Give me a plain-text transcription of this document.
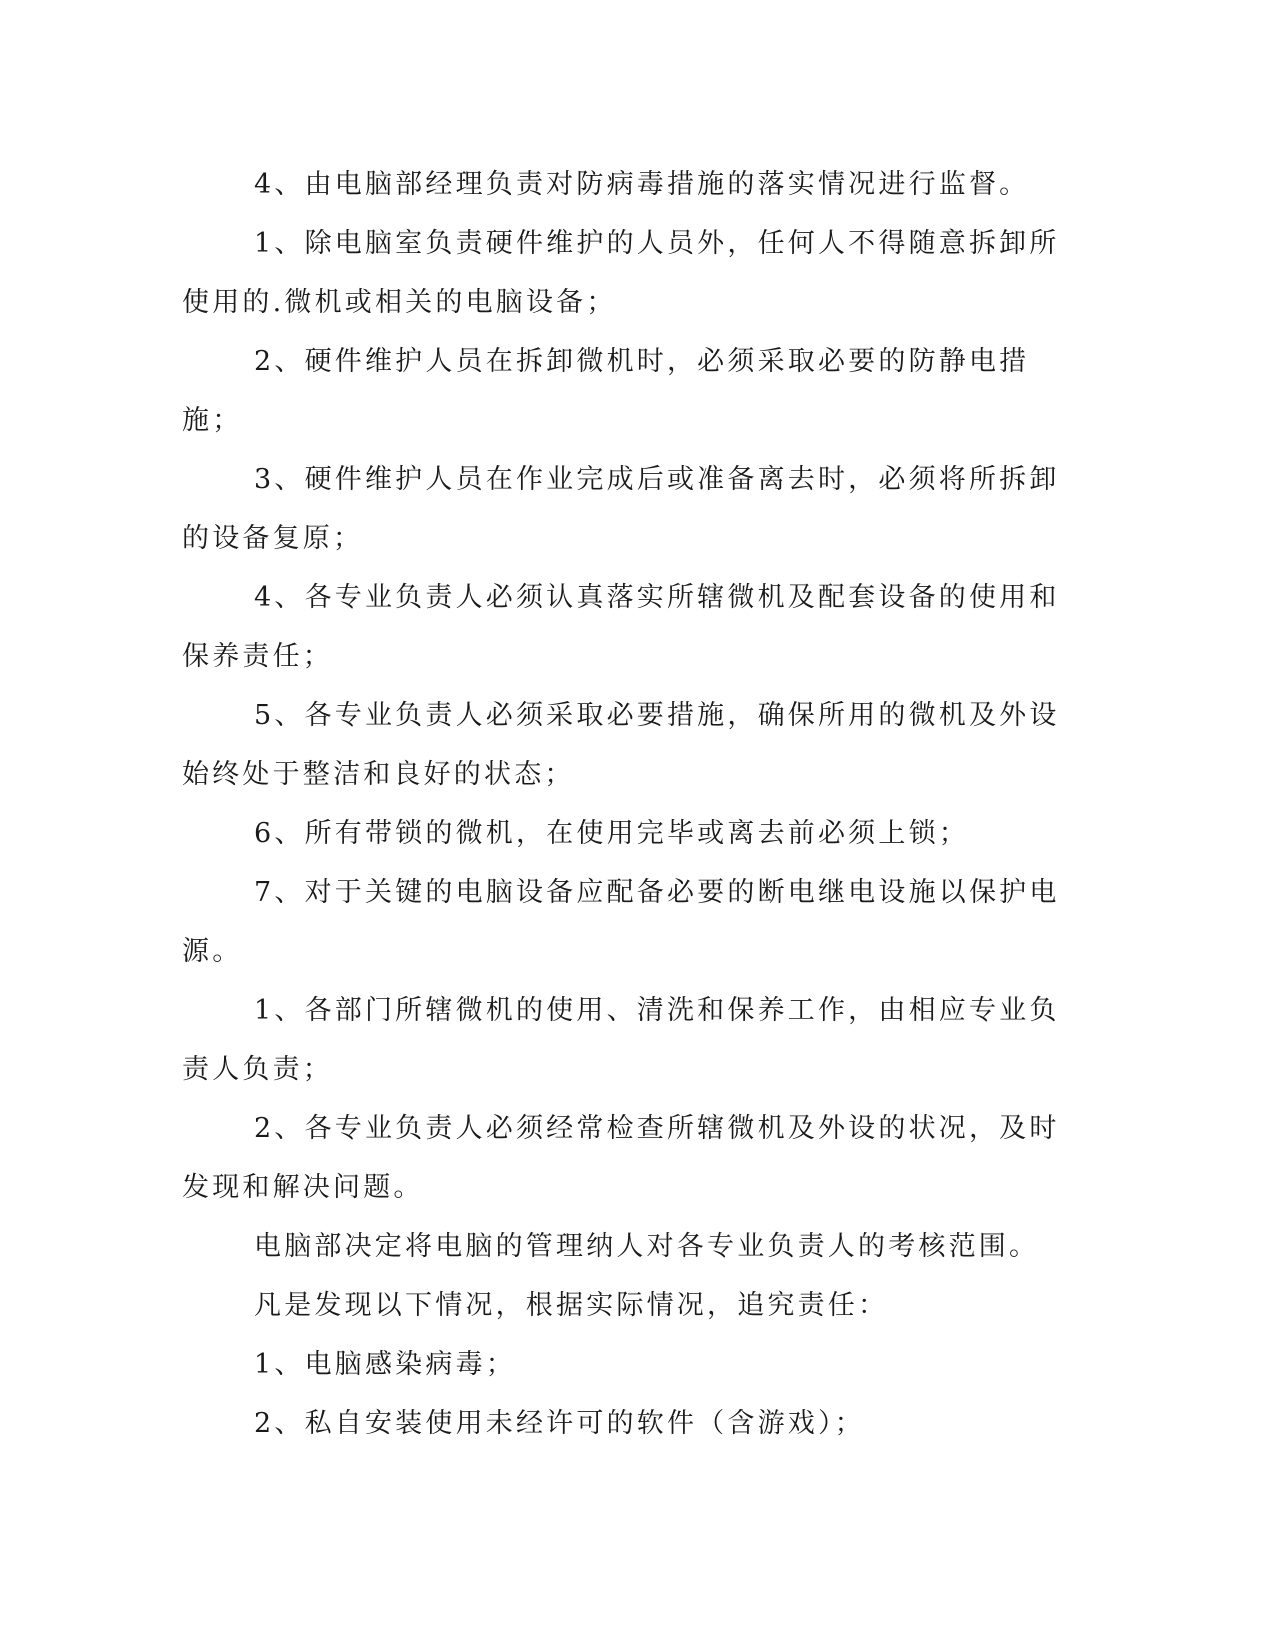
4、由电脑部经理负责对防病毒措施的落实情况进行监督。

1、除电脑室负责硬件维护的人员外，任何人不得随意拆卸所使用的.微机或相关的电脑设备；

2、硬件维护人员在拆卸微机时，必须采取必要的防静电措施；

3、硬件维护人员在作业完成后或准备离去时，必须将所拆卸的设备复原；

4、各专业负责人必须认真落实所辖微机及配套设备的使用和保养责任；

5、各专业负责人必须采取必要措施，确保所用的微机及外设始终处于整洁和良好的状态；

6、所有带锁的微机，在使用完毕或离去前必须上锁；

7、对于关键的电脑设备应配备必要的断电继电设施以保护电源。

1、各部门所辖微机的使用、清洗和保养工作，由相应专业负责人负责；

2、各专业负责人必须经常检查所辖微机及外设的状况，及时发现和解决问题。

电脑部决定将电脑的管理纳人对各专业负责人的考核范围。

凡是发现以下情况，根据实际情况，追究责任：

1、电脑感染病毒；

2、私自安装使用未经许可的软件（含游戏）；
